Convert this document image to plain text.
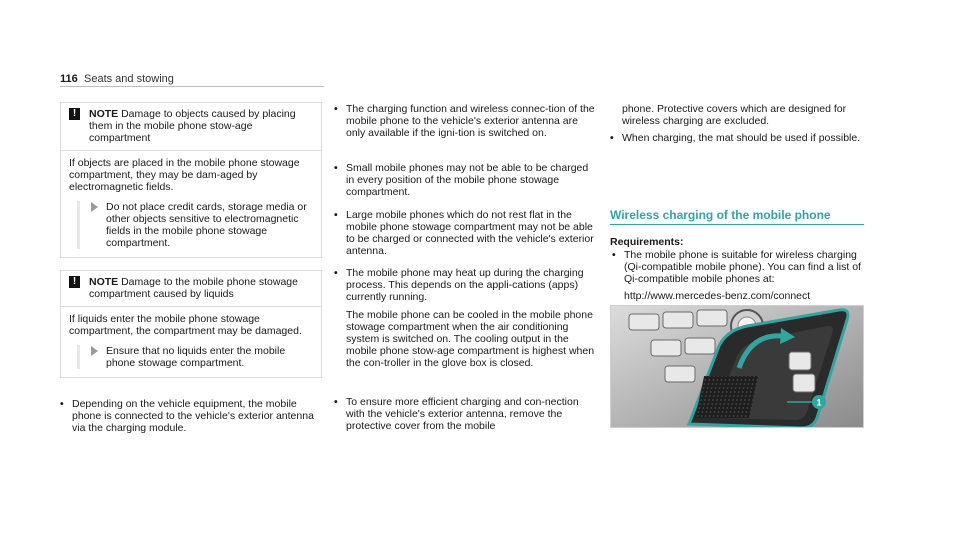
116 Seats and stowing
!	NOTE Damage to objects caused by placing them in the mobile phone stow-age compartment
If objects are placed in the mobile phone stowage compartment, they may be dam-aged by electromagnetic fields.
Do not place credit cards, storage media or other objects sensitive to electromagnetic fields in the mobile phone stowage compartment.
!	NOTE Damage to the mobile phone stowage compartment caused by liquids
If liquids enter the mobile phone stowage compartment, the compartment may be damaged.
Ensure that no liquids enter the mobile phone stowage compartment.
• Depending on the vehicle equipment, the mobile phone is connected to the vehicle's exterior antenna via the charging module.
• The charging function and wireless connec-tion of the mobile phone to the vehicle's exterior antenna are only available if the igni-tion is switched on.
• Small mobile phones may not be able to be charged in every position of the mobile phone stowage compartment.
• Large mobile phones which do not rest flat in the mobile phone stowage compartment may not be able to be charged or connected with the vehicle's exterior antenna.
• The mobile phone may heat up during the charging process. This depends on the appli-cations (apps) currently running.
The mobile phone can be cooled in the mobile phone stowage compartment when the air conditioning system is switched on. The cooling output in the mobile phone stow-age compartment is highest when the con-troller in the glove box is closed.
• To ensure more efficient charging and con-nection with the vehicle's exterior antenna, remove the protective cover from the mobile
phone. Protective covers which are designed for wireless charging are excluded.
• When charging, the mat should be used if possible.
Wireless charging of the mobile phone
Requirements:
• The mobile phone is suitable for wireless charging (Qi-compatible mobile phone). You can find a list of Qi-compatible mobile phones at:
http://www.mercedes-benz.com/connect
1
